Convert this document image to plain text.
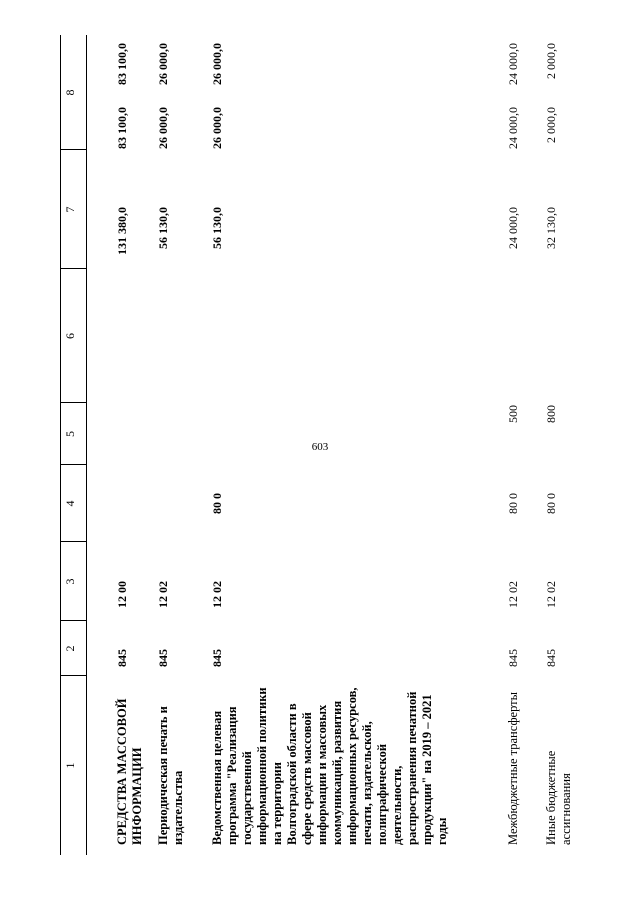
603
1
2
3
4
5
6
7
8
СРЕДСТВА МАССОВОЙ ИНФОРМАЦИИ
845
12 00
131 380,0
83 100,0
83 100,0
Периодическая печать и издательства
845
12 02
56 130,0
26 000,0
26 000,0
Ведомственная целевая программа "Реализация государственной информационной политики на территории Волгоградской области в сфере средств массовой информации и массовых коммуникаций, развития информационных ресурсов, печати, издательской, полиграфической деятельности, распространения печатной продукции" на 2019 – 2021 годы
845
12 02
80 0
56 130,0
26 000,0
26 000,0
Межбюджетные трансферты
845
12 02
80 0
500
24 000,0
24 000,0
24 000,0
Иные бюджетные ассигнования
845
12 02
80 0
800
32 130,0
2 000,0
2 000,0
